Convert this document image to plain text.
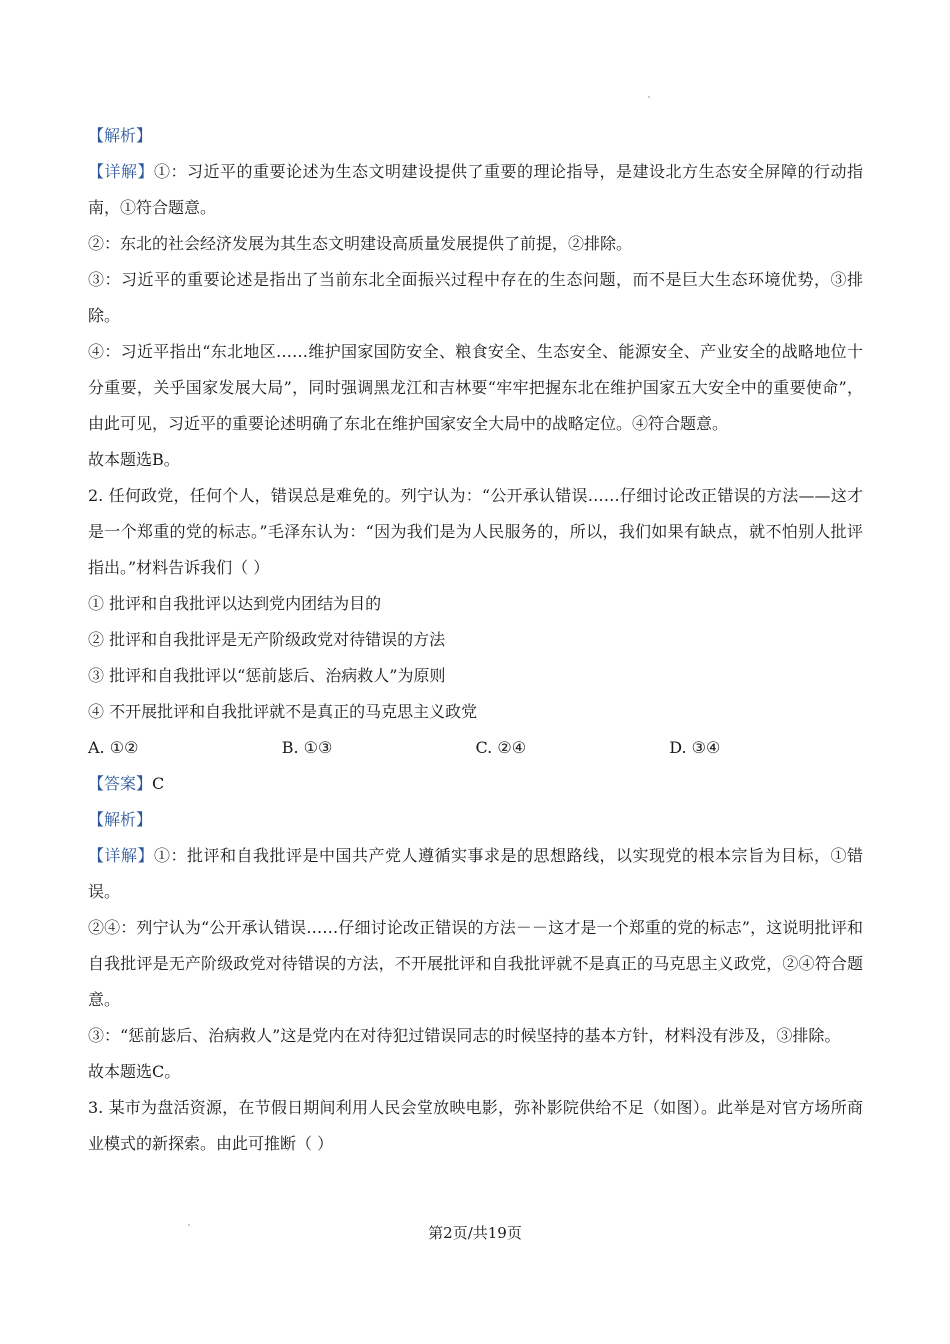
【解析】

【详解】①：习近平的重要论述为生态文明建设提供了重要的理论指导，是建设北方生态安全屏障的行动指南，①符合题意。

②：东北的社会经济发展为其生态文明建设高质量发展提供了前提，②排除。

③：习近平的重要论述是指出了当前东北全面振兴过程中存在的生态问题，而不是巨大生态环境优势，③排除。

④：习近平指出“东北地区……维护国家国防安全、粮食安全、生态安全、能源安全、产业安全的战略地位十分重要，关乎国家发展大局”，同时强调黑龙江和吉林要“牢牢把握东北在维护国家五大安全中的重要使命”，由此可见，习近平的重要论述明确了东北在维护国家安全大局中的战略定位。④符合题意。

故本题选B。

2. 任何政党，任何个人，错误总是难免的。列宁认为：“公开承认错误……仔细讨论改正错误的方法——这才是一个郑重的党的标志。”毛泽东认为：“因为我们是为人民服务的，所以，我们如果有缺点，就不怕别人批评指出。”材料告诉我们（ ）

① 批评和自我批评以达到党内团结为目的

② 批评和自我批评是无产阶级政党对待错误的方法

③ 批评和自我批评以“惩前毖后、治病救人”为原则

④ 不开展批评和自我批评就不是真正的马克思主义政党

A. ①②	B. ①③	C. ②④	D. ③④

【答案】C

【解析】

【详解】①：批评和自我批评是中国共产党人遵循实事求是的思想路线，以实现党的根本宗旨为目标，①错误。

②④：列宁认为“公开承认错误……仔细讨论改正错误的方法－－这才是一个郑重的党的标志”，这说明批评和自我批评是无产阶级政党对待错误的方法，不开展批评和自我批评就不是真正的马克思主义政党，②④符合题意。

③：“惩前毖后、治病救人”这是党内在对待犯过错误同志的时候坚持的基本方针，材料没有涉及，③排除。

故本题选C。

3. 某市为盘活资源，在节假日期间利用人民会堂放映电影，弥补影院供给不足（如图）。此举是对官方场所商业模式的新探索。由此可推断（ ）

第2页/共19页
